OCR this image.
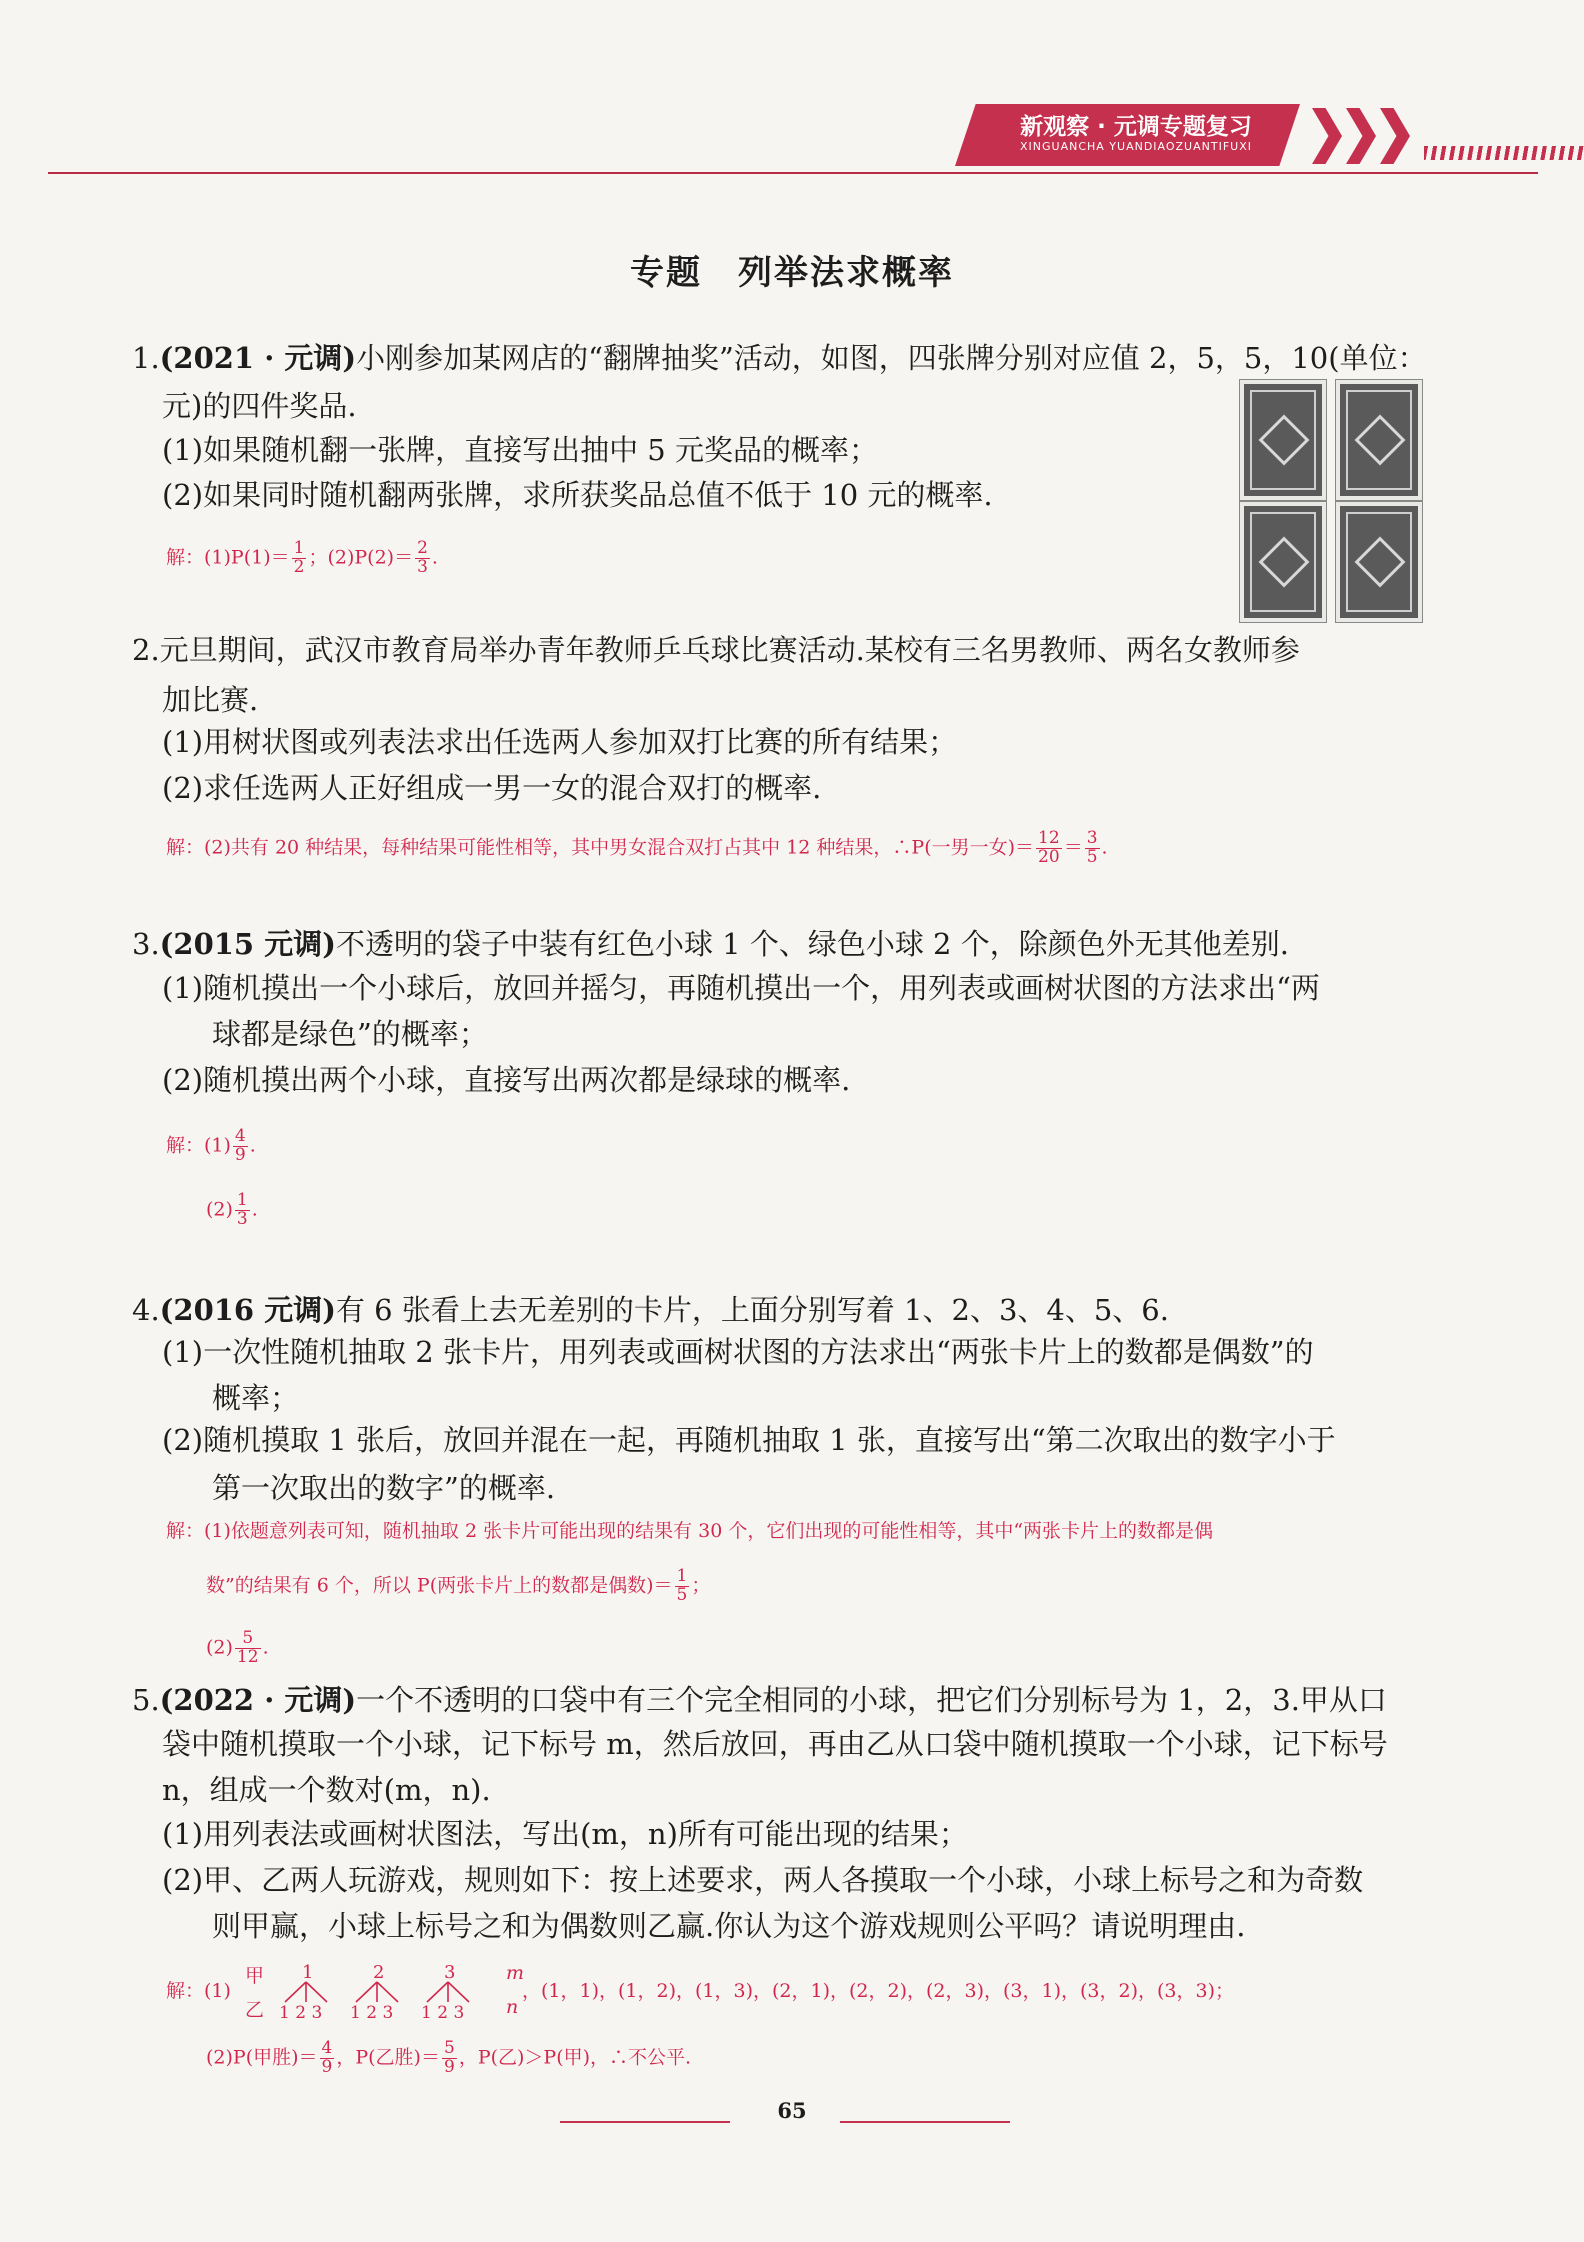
新观察 · 元调专题复习
XINGUANCHA YUANDIAOZUANTIFUXI
专题　列举法求概率
1.(2021 · 元调)小刚参加某网店的“翻牌抽奖”活动，如图，四张牌分别对应值 2，5，5，10(单位：
元)的四件奖品.
(1)如果随机翻一张牌，直接写出抽中 5 元奖品的概率；
(2)如果同时随机翻两张牌，求所获奖品总值不低于 10 元的概率.
解：$(1)P(1)= \frac{1}{2}$ ；$(2)P(2)= \frac{2}{3}$ .
2.元旦期间，武汉市教育局举办青年教师乒乓球比赛活动.某校有三名男教师、两名女教师参
加比赛.
(1)用树状图或列表法求出任选两人参加双打比赛的所有结果；
(2)求任选两人正好组成一男一女的混合双打的概率.
解：(2)共有 20 种结果，每种结果可能性相等，其中男女混合双打占其中 12 种结果，∴P(一男一女)＝ $\frac{12}{20} = \frac{3}{5}$ .
3.(2015 元调)不透明的袋子中装有红色小球 1 个、绿色小球 2 个，除颜色外无其他差别.
(1)随机摸出一个小球后，放回并摇匀，再随机摸出一个，用列表或画树状图的方法求出“两
球都是绿色”的概率；
(2)随机摸出两个小球，直接写出两次都是绿球的概率.
解：$(1) \frac{4}{9}$ .
$(2) \frac{1}{3}$ .
4.(2016 元调)有 6 张看上去无差别的卡片，上面分别写着 1、2、3、4、5、6.
(1)一次性随机抽取 2 张卡片，用列表或画树状图的方法求出“两张卡片上的数都是偶数”的
概率；
(2)随机摸取 1 张后，放回并混在一起，再随机抽取 1 张，直接写出“第二次取出的数字小于
第一次取出的数字”的概率.
解：(1)依题意列表可知，随机抽取 2 张卡片可能出现的结果有 30 个，它们出现的可能性相等，其中“两张卡片上的数都是偶
数”的结果有 6 个，所以 P(两张卡片上的数都是偶数)＝ $\frac{1}{5}$ ；
$(2) \frac{5}{12}$ .
5.(2022 · 元调)一个不透明的口袋中有三个完全相同的小球，把它们分别标号为 1，2，3.甲从口
袋中随机摸取一个小球，记下标号 m，然后放回，再由乙从口袋中随机摸取一个小球，记下标号
n，组成一个数对(m，n).
(1)用列表法或画树状图法，写出(m，n)所有可能出现的结果；
(2)甲、乙两人玩游戏，规则如下：按上述要求，两人各摸取一个小球，小球上标号之和为奇数
则甲赢，小球上标号之和为偶数则乙赢.你认为这个游戏规则公平吗？请说明理由.
解：(1)
甲
乙
1	2	3
1 2 3 1 2 3 1 2 3
m
n
，(1，1)，(1，2)，(1，3)，(2，1)，(2，2)，(2，3)，(3，1)，(3，2)，(3，3)；
(2)P(甲胜)＝ $\frac{4}{9}$ ，P(乙胜)＝ $\frac{5}{9}$ ，P(乙)＞P(甲)，∴不公平.
65
